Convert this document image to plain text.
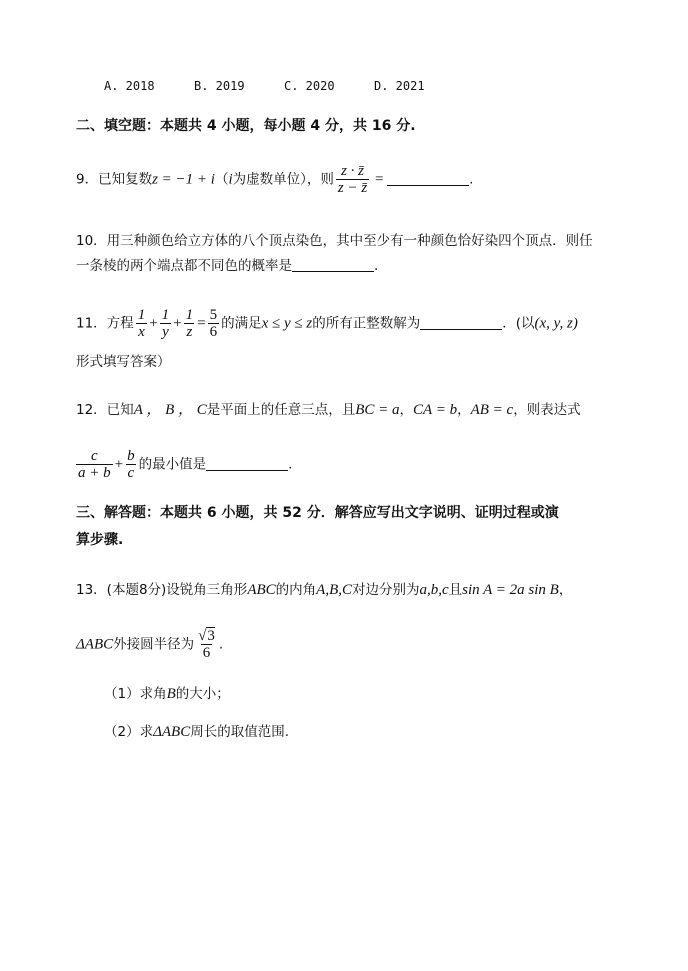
A. 2018	B. 2019	C. 2020	D. 2021
二、填空题：本题共 4 小题，每小题 4 分，共 16 分.
9．已知复数z = −1 + i（i为虚数单位），则 $\frac{z \cdot z̄}{z - z̄}$ =	.
10．用三种颜色给立方体的八个顶点染色，其中至少有一种颜色恰好染四个顶点．则任
一条棱的两个端点都不同色的概率是	.
11．方程 $\frac{1}{x} + \frac{1}{y} + \frac{1}{z} = \frac{5}{6}$ 的满足x ≤ y ≤ z的所有正整数解为	．(以(x, y, z)
形式填写答案）
12．已知A ， B ， C是平面上的任意三点，且BC = a，CA = b，AB = c，则表达式
$\frac{c}{a + b} + \frac{b}{c}$ 的最小值是	.
三、解答题：本题共 6 小题，共 52 分．解答应写出文字说明、证明过程或演
算步骤.
13．(本题8分)设锐角三角形ABC的内角A,B,C对边分别为a,b,c且sin A = 2a sin B，
ΔABC外接圆半径为 $\frac{√3}{6}$ .
（1）求角B的大小；
（2）求ΔABC周长的取值范围.
